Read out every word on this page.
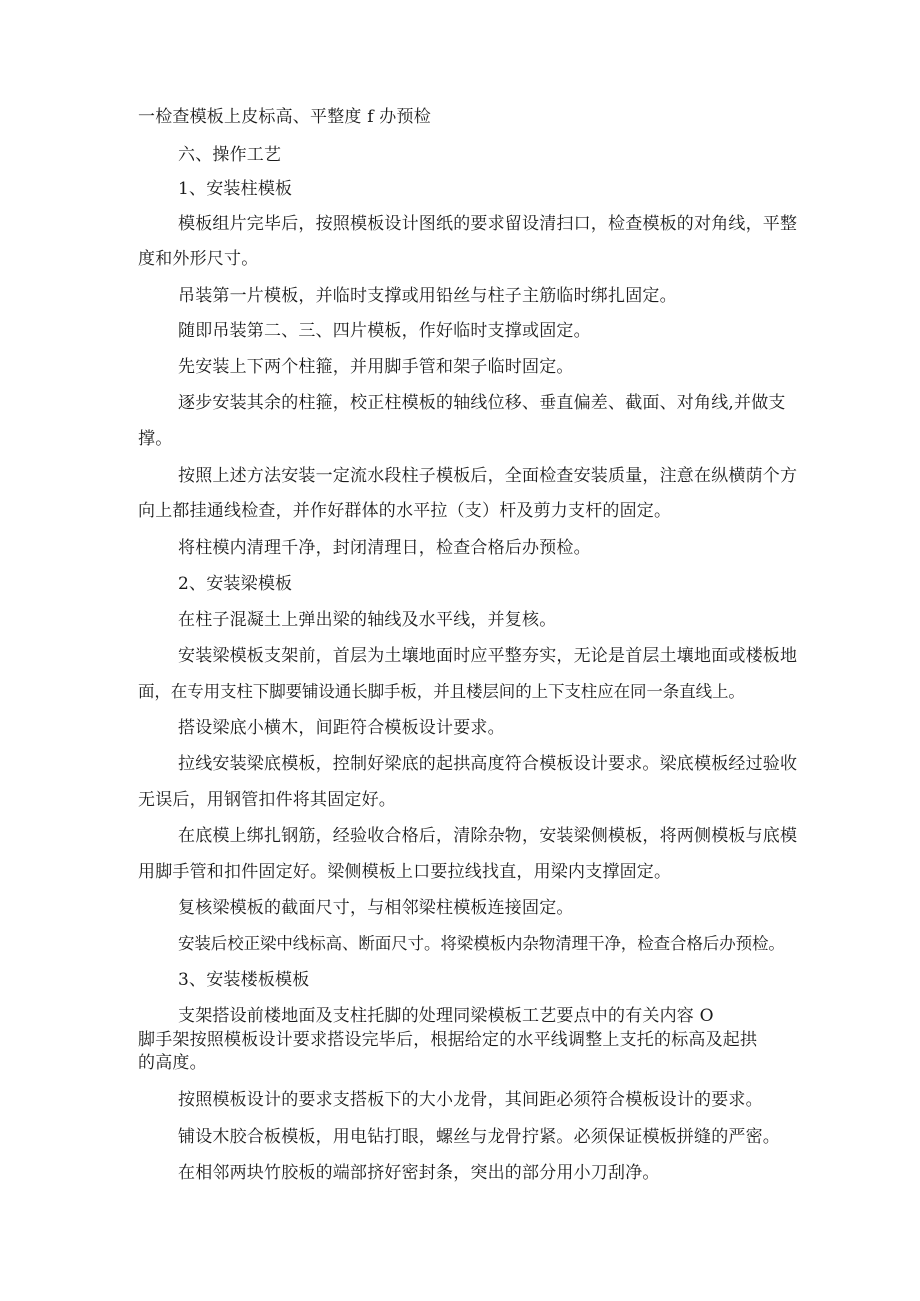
一检查模板上皮标高、平整度 f 办预检
六、操作工艺
1、安装柱模板
模板组片完毕后，按照模板设计图纸的要求留设清扫口，检查模板的对角线，平整
度和外形尺寸。
吊装第一片模板，并临时支撑或用铅丝与柱子主筋临时绑扎固定。
随即吊装第二、三、四片模板，作好临时支撑或固定。
先安装上下两个柱箍，并用脚手管和架子临时固定。
逐步安装其余的柱箍，校正柱模板的轴线位移、垂直偏差、截面、对角线,并做支
撑。
按照上述方法安装一定流水段柱子模板后，全面检查安装质量，注意在纵横荫个方
向上都挂通线检查，并作好群体的水平拉（支）杆及剪力支杆的固定。
将柱模内清理千净，封闭清理日，检查合格后办预检。
2、安装梁模板
在柱子混凝土上弹出梁的轴线及水平线，并复核。
安装梁模板支架前，首层为土壤地面时应平整夯实，无论是首层土壤地面或楼板地
面，在专用支柱下脚要铺设通长脚手板，并且楼层间的上下支柱应在同一条直线上。
搭设梁底小横木，间距符合模板设计要求。
拉线安装梁底模板，控制好梁底的起拱高度符合模板设计要求。梁底模板经过验收
无误后，用钢管扣件将其固定好。
在底模上绑扎钢筋，经验收合格后，清除杂物，安装梁侧模板，将两侧模板与底模
用脚手管和扣件固定好。梁侧模板上口要拉线找直，用梁内支撑固定。
复核梁模板的截面尺寸，与相邻梁柱模板连接固定。
安装后校正梁中线标高、断面尺寸。将梁模板内杂物清理干净，检查合格后办预检。
3、安装楼板模板
支架搭设前楼地面及支柱托脚的处理同梁模板工艺要点中的有关内容 O
脚手架按照模板设计要求搭设完毕后，根据给定的水平线调整上支托的标高及起拱
的高度。
按照模板设计的要求支搭板下的大小龙骨，其间距必须符合模板设计的要求。
铺设木胶合板模板，用电钻打眼，螺丝与龙骨拧紧。必须保证模板拼缝的严密。
在相邻两块竹胶板的端部挤好密封条，突出的部分用小刀刮净。
